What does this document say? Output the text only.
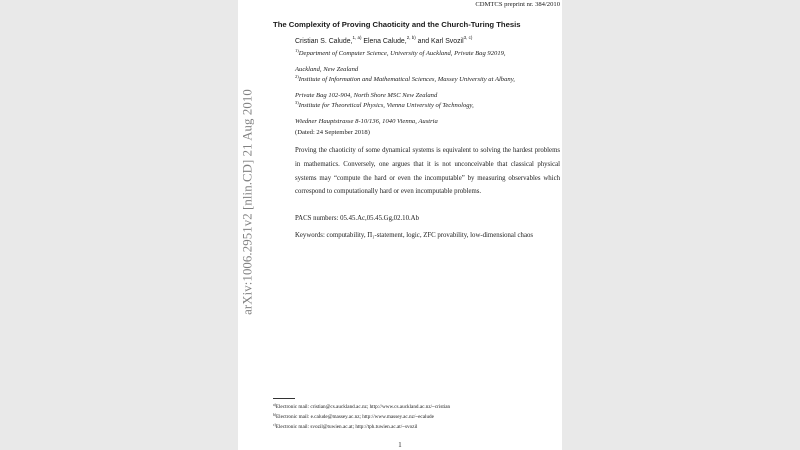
CDMTCS preprint nr. 384/2010
arXiv:1006.2951v2 [nlin.CD] 21 Aug 2010
The Complexity of Proving Chaoticity and the Church-Turing Thesis
Cristian S. Calude,$^{1, a)}$ Elena Calude,$^{2, b)}$ and Karl Svozil$^{3, c)}$
$^{1)}$Department of Computer Science, University of Auckland, Private Bag 92019,
Auckland, New Zealand
$^{2)}$Institute of Information and Mathematical Sciences, Massey University at Albany,
Private Bag 102-904, North Shore MSC New Zealand
$^{3)}$Institute for Theoretical Physics, Vienna University of Technology,
Wiedner Hauptstrasse 8-10/136, 1040 Vienna, Austria
(Dated: 24 September 2018)

Proving the chaoticity of some dynamical systems is equivalent to solving the hardest problems in mathematics. Conversely, one argues that it is not unconceivable that classical physical systems may “compute the hard or even the incomputable” by measuring observables which correspond to computationally hard or even incomputable problems.

PACS numbers: 05.45.Ac,05.45.Gg,02.10.Ab

Keywords: computability, Π₁-statement, logic, ZFC provability, low-dimensional chaos

$^{a)}$Electronic mail: cristian@cs.auckland.ac.nz; http://www.cs.auckland.ac.nz/~cristian
$^{b)}$Electronic mail: e.calude@massey.ac.nz; http://www.massey.ac.nz/~ecalude
$^{c)}$Electronic mail: svozil@tuwien.ac.at; http://tph.tuwien.ac.at/~svozil
1
